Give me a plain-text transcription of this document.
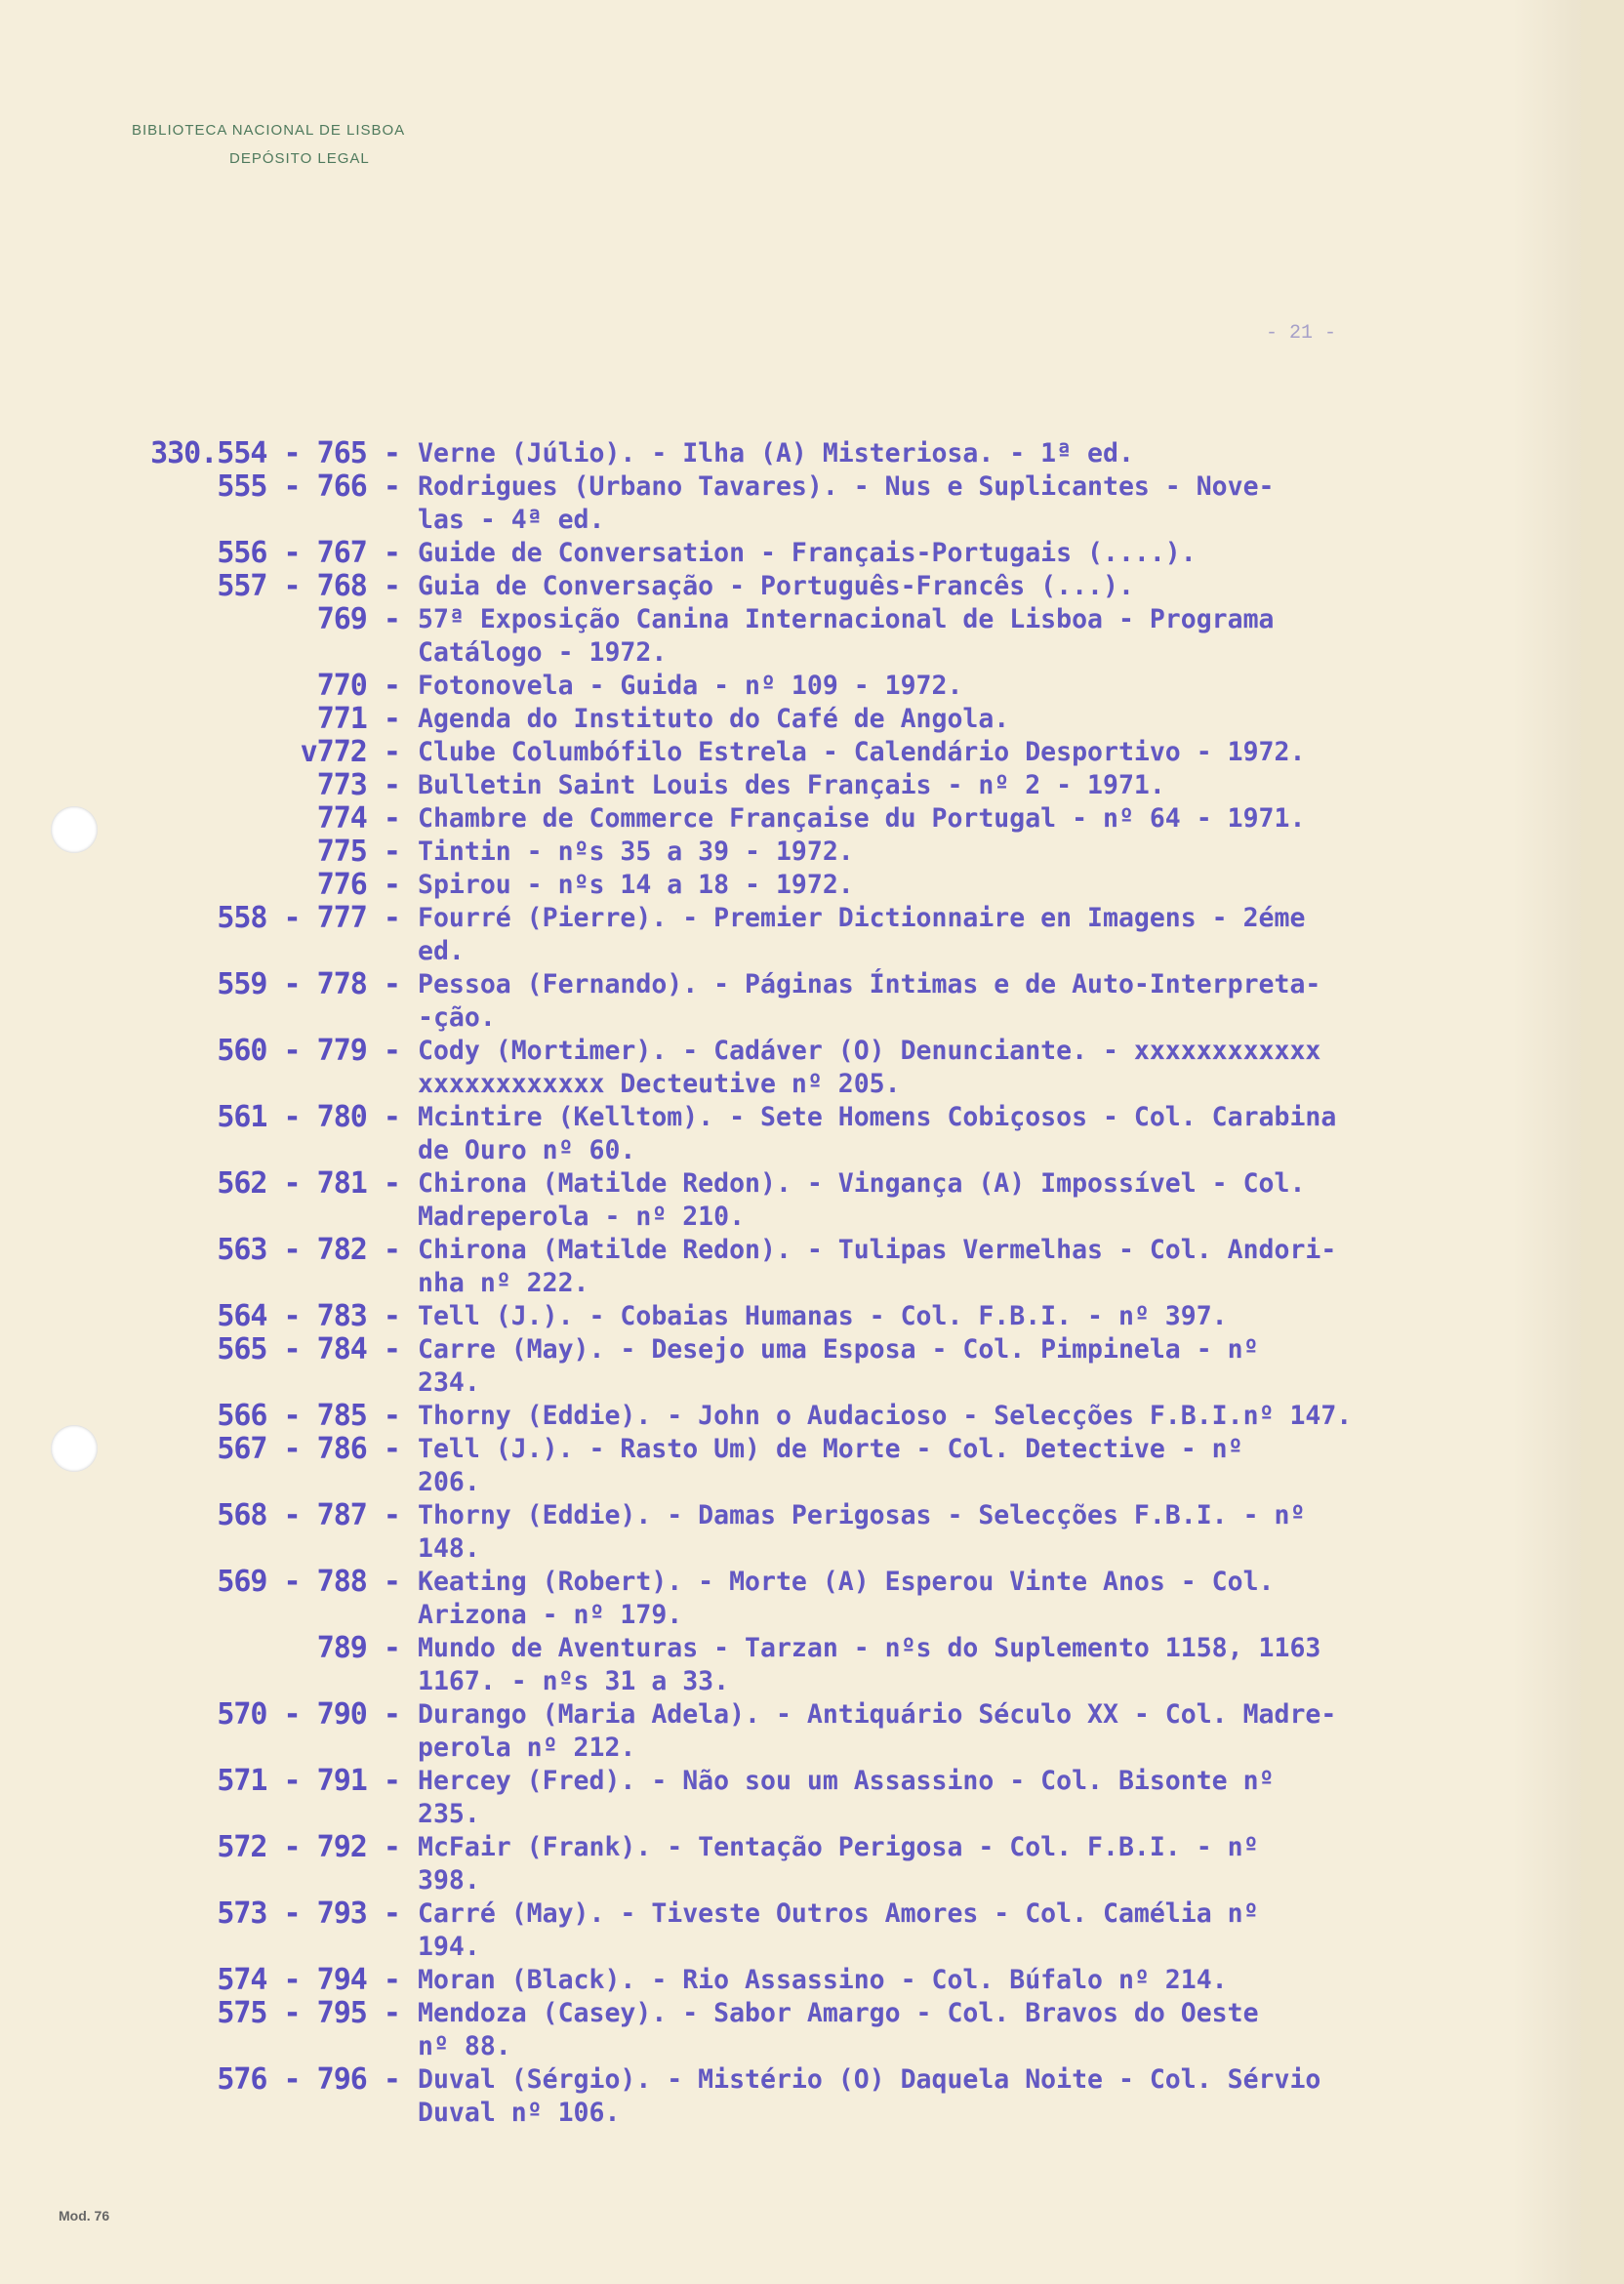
BIBLIOTECA NACIONAL DE LISBOA
DEPÓSITO LEGAL
- 21 -
330.554 - 765 - Verne (Júlio). - Ilha (A) Misteriosa. - 1ª ed.
555 - 766 - Rodrigues (Urbano Tavares). - Nus e Suplicantes - Nove-
las - 4ª ed.
556 - 767 - Guide de Conversation - Français-Portugais (....).
557 - 768 - Guia de Conversação - Português-Francês (...).
769 - 57ª Exposição Canina Internacional de Lisboa - Programa
Catálogo - 1972.
770 - Fotonovela - Guida - nº 109 - 1972.
771 - Agenda do Instituto do Café de Angola.
v772 - Clube Columbófilo Estrela - Calendário Desportivo - 1972.
773 - Bulletin Saint Louis des Français - nº 2 - 1971.
774 - Chambre de Commerce Française du Portugal - nº 64 - 1971.
775 - Tintin - nºs 35 a 39 - 1972.
776 - Spirou - nºs 14 a 18 - 1972.
558 - 777 - Fourré (Pierre). - Premier Dictionnaire en Imagens - 2éme
ed.
559 - 778 - Pessoa (Fernando). - Páginas Íntimas e de Auto-Interpreta-
-ção.
560 - 779 - Cody (Mortimer). - Cadáver (O) Denunciante. - xxxxxxxxxxxx
xxxxxxxxxxxx Decteutive nº 205.
561 - 780 - Mcintire (Kelltom). - Sete Homens Cobiçosos - Col. Carabina
de Ouro nº 60.
562 - 781 - Chirona (Matilde Redon). - Vingança (A) Impossível - Col.
Madreperola - nº 210.
563 - 782 - Chirona (Matilde Redon). - Tulipas Vermelhas - Col. Andori-
nha nº 222.
564 - 783 - Tell (J.). - Cobaias Humanas - Col. F.B.I. - nº 397.
565 - 784 - Carre (May). - Desejo uma Esposa - Col. Pimpinela - nº
234.
566 - 785 - Thorny (Eddie). - John o Audacioso - Selecções F.B.I.nº 147.
567 - 786 - Tell (J.). - Rasto Um) de Morte - Col. Detective - nº
206.
568 - 787 - Thorny (Eddie). - Damas Perigosas - Selecções F.B.I. - nº
148.
569 - 788 - Keating (Robert). - Morte (A) Esperou Vinte Anos - Col.
Arizona - nº 179.
789 - Mundo de Aventuras - Tarzan - nºs do Suplemento 1158, 1163
1167. - nºs 31 a 33.
570 - 790 - Durango (Maria Adela). - Antiquário Século XX - Col. Madre-
perola nº 212.
571 - 791 - Hercey (Fred). - Não sou um Assassino - Col. Bisonte nº
235.
572 - 792 - McFair (Frank). - Tentação Perigosa - Col. F.B.I. - nº
398.
573 - 793 - Carré (May). - Tiveste Outros Amores - Col. Camélia nº
194.
574 - 794 - Moran (Black). - Rio Assassino - Col. Búfalo nº 214.
575 - 795 - Mendoza (Casey). - Sabor Amargo - Col. Bravos do Oeste
nº 88.
576 - 796 - Duval (Sérgio). - Mistério (O) Daquela Noite - Col. Sérvio
Duval nº 106.
Mod. 76
